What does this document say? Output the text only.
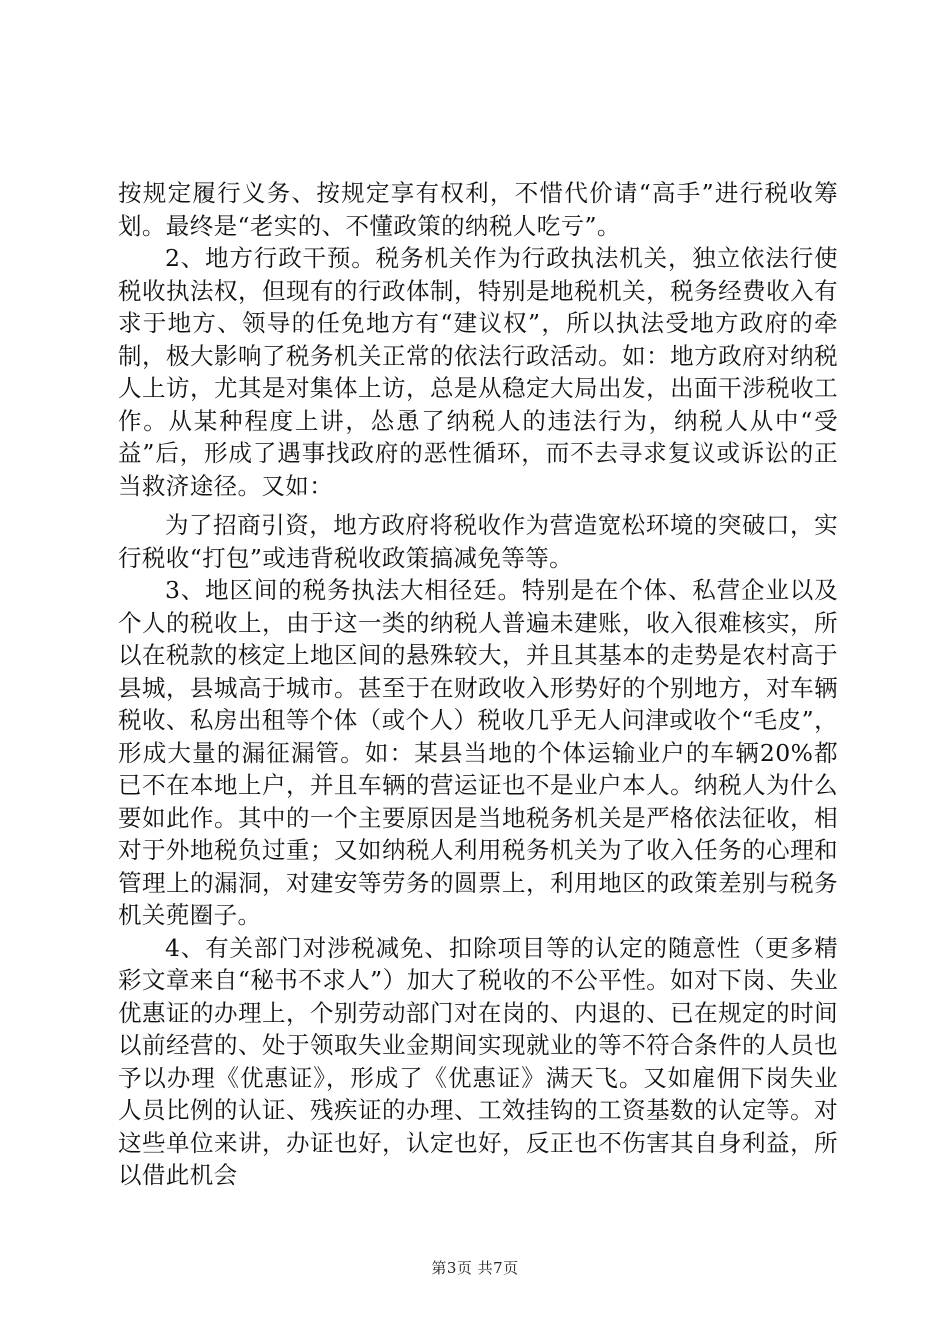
按规定履行义务、按规定享有权利，不惜代价请“高手”进行税收筹划。最终是“老实的、不懂政策的纳税人吃亏”。

2、地方行政干预。税务机关作为行政执法机关，独立依法行使税收执法权，但现有的行政体制，特别是地税机关，税务经费收入有求于地方、领导的任免地方有“建议权”，所以执法受地方政府的牵制，极大影响了税务机关正常的依法行政活动。如：地方政府对纳税人上访，尤其是对集体上访，总是从稳定大局出发，出面干涉税收工作。从某种程度上讲，怂恿了纳税人的违法行为，纳税人从中“受益”后，形成了遇事找政府的恶性循环，而不去寻求复议或诉讼的正当救济途径。又如：

为了招商引资，地方政府将税收作为营造宽松环境的突破口，实行税收“打包”或违背税收政策搞减免等等。

3、地区间的税务执法大相径廷。特别是在个体、私营企业以及个人的税收上，由于这一类的纳税人普遍未建账，收入很难核实，所以在税款的核定上地区间的悬殊较大，并且其基本的走势是农村高于县城，县城高于城市。甚至于在财政收入形势好的个别地方，对车辆税收、私房出租等个体（或个人）税收几乎无人问津或收个“毛皮”，形成大量的漏征漏管。如：某县当地的个体运输业户的车辆20%都已不在本地上户，并且车辆的营运证也不是业户本人。纳税人为什么要如此作。其中的一个主要原因是当地税务机关是严格依法征收，相对于外地税负过重；又如纳税人利用税务机关为了收入任务的心理和管理上的漏洞，对建安等劳务的圆票上，利用地区的政策差别与税务机关蔸圈子。

4、有关部门对涉税减免、扣除项目等的认定的随意性（更多精彩文章来自“秘书不求人”）加大了税收的不公平性。如对下岗、失业优惠证的办理上，个别劳动部门对在岗的、内退的、已在规定的时间以前经营的、处于领取失业金期间实现就业的等不符合条件的人员也予以办理《优惠证》，形成了《优惠证》满天飞。又如雇佣下岗失业人员比例的认证、残疾证的办理、工效挂钩的工资基数的认定等。对这些单位来讲，办证也好，认定也好，反正也不伤害其自身利益，所以借此机会

第3页 共7页
